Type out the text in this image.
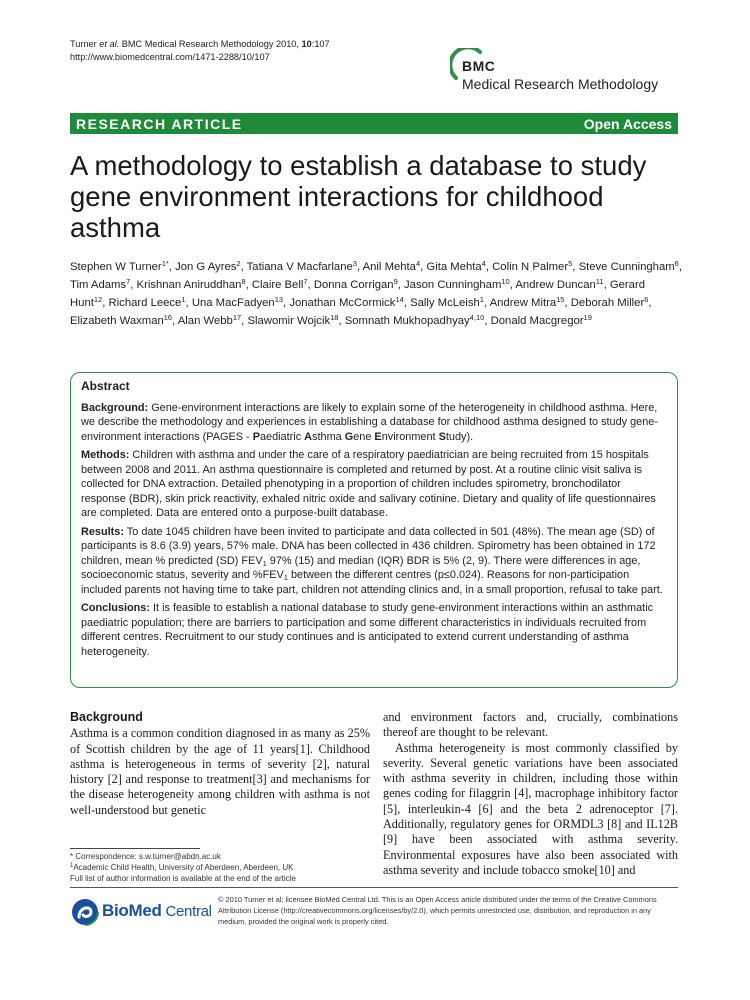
Turner et al. BMC Medical Research Methodology 2010, 10:107
http://www.biomedcentral.com/1471-2288/10/107
BMC
Medical Research Methodology
RESEARCH ARTICLE	Open Access
A methodology to establish a database to study gene environment interactions for childhood asthma
Stephen W Turner$^{1*}$, Jon G Ayres$^2$, Tatiana V Macfarlane$^3$, Anil Mehta$^4$, Gita Mehta$^4$, Colin N Palmer$^5$, Steve Cunningham$^6$, Tim Adams$^7$, Krishnan Aniruddhan$^8$, Claire Bell$^7$, Donna Corrigan$^9$, Jason Cunningham$^{10}$, Andrew Duncan$^{11}$, Gerard Hunt$^{12}$, Richard Leece$^1$, Una MacFadyen$^{13}$, Jonathan McCormick$^{14}$, Sally McLeish$^1$, Andrew Mitra$^{15}$, Deborah Miller$^6$, Elizabeth Waxman$^{16}$, Alan Webb$^{17}$, Slawomir Wojcik$^{18}$, Somnath Mukhopadhyay$^{4,10}$, Donald Macgregor$^{19}$
Abstract

Background: Gene-environment interactions are likely to explain some of the heterogeneity in childhood asthma. Here, we describe the methodology and experiences in establishing a database for childhood asthma designed to study gene-environment interactions (PAGES - Paediatric Asthma Gene Environment Study).

Methods: Children with asthma and under the care of a respiratory paediatrician are being recruited from 15 hospitals between 2008 and 2011. An asthma questionnaire is completed and returned by post. At a routine clinic visit saliva is collected for DNA extraction. Detailed phenotyping in a proportion of children includes spirometry, bronchodilator response (BDR), skin prick reactivity, exhaled nitric oxide and salivary cotinine. Dietary and quality of life questionnaires are completed. Data are entered onto a purpose-built database.

Results: To date 1045 children have been invited to participate and data collected in 501 (48%). The mean age (SD) of participants is 8.6 (3.9) years, 57% male. DNA has been collected in 436 children. Spirometry has been obtained in 172 children, mean % predicted (SD) $FEV_1$ 97% (15) and median (IQR) BDR is 5% (2, 9). There were differences in age, socioeconomic status, severity and $\%FEV_1$ between the different centres (p≤0.024). Reasons for non-participation included parents not having time to take part, children not attending clinics and, in a small proportion, refusal to take part.

Conclusions: It is feasible to establish a national database to study gene-environment interactions within an asthmatic paediatric population; there are barriers to participation and some different characteristics in individuals recruited from different centres. Recruitment to our study continues and is anticipated to extend current understanding of asthma heterogeneity.

Background

Asthma is a common condition diagnosed in as many as 25% of Scottish children by the age of 11 years[1]. Childhood asthma is heterogeneous in terms of severity [2], natural history [2] and response to treatment[3] and mechanisms for the disease heterogeneity among children with asthma is not well-understood but genetic

and environment factors and, crucially, combinations thereof are thought to be relevant.

Asthma heterogeneity is most commonly classified by severity. Several genetic variations have been associated with asthma severity in children, including those within genes coding for filaggrin [4], macrophage inhibitory factor [5], interleukin-4 [6] and the beta 2 adrenoceptor [7]. Additionally, regulatory genes for ORMDL3 [8] and IL12B [9] have been associated with asthma severity. Environmental exposures have also been associated with asthma severity and include tobacco smoke[10] and

* Correspondence: s.w.turner@abdn.ac.uk
$^1$Academic Child Health, University of Aberdeen, Aberdeen, UK
Full list of author information is available at the end of the article
BioMed Central
© 2010 Turner et al; licensee BioMed Central Ltd. This is an Open Access article distributed under the terms of the Creative Commons Attribution License (http://creativecommons.org/licenses/by/2.0), which permits unrestricted use, distribution, and reproduction in any medium, provided the original work is properly cited.
